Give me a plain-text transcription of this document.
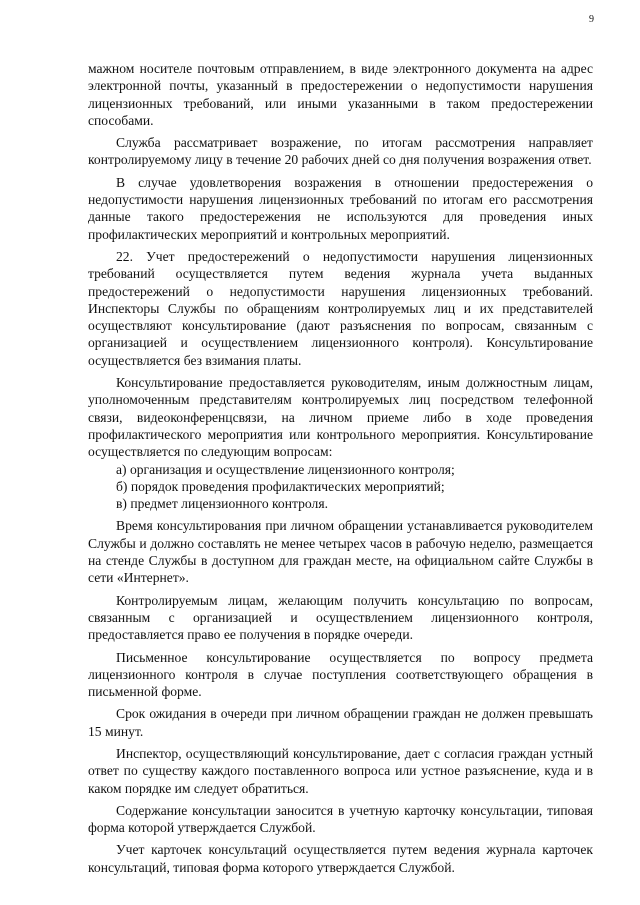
9

мажном носителе почтовым отправлением, в виде электронного документа на адрес электронной почты, указанный в предостережении о недопустимости нарушения лицензионных требований, или иными указанными в таком предостережении способами.

Служба рассматривает возражение, по итогам рассмотрения направляет контролируемому лицу в течение 20 рабочих дней со дня получения возражения ответ.

В случае удовлетворения возражения в отношении предостережения о недопустимости нарушения лицензионных требований по итогам его рассмотрения данные такого предостережения не используются для проведения иных профилактических мероприятий и контрольных мероприятий.

22. Учет предостережений о недопустимости нарушения лицензионных требований осуществляется путем ведения журнала учета выданных предостережений о недопустимости нарушения лицензионных требований. Инспекторы Службы по обращениям контролируемых лиц и их представителей осуществляют консультирование (дают разъяснения по вопросам, связанным с организацией и осуществлением лицензионного контроля). Консультирование осуществляется без взимания платы.

Консультирование предоставляется руководителям, иным должностным лицам, уполномоченным представителям контролируемых лиц посредством телефонной связи, видеоконференцсвязи, на личном приеме либо в ходе проведения профилактического мероприятия или контрольного мероприятия. Консультирование осуществляется по следующим вопросам:

а) организация и осуществление лицензионного контроля;

б) порядок проведения профилактических мероприятий;

в) предмет лицензионного контроля.

Время консультирования при личном обращении устанавливается руководителем Службы и должно составлять не менее четырех часов в рабочую неделю, размещается на стенде Службы в доступном для граждан месте, на официальном сайте Службы в сети «Интернет».

Контролируемым лицам, желающим получить консультацию по вопросам, связанным с организацией и осуществлением лицензионного контроля, предоставляется право ее получения в порядке очереди.

Письменное консультирование осуществляется по вопросу предмета лицензионного контроля в случае поступления соответствующего обращения в письменной форме.

Срок ожидания в очереди при личном обращении граждан не должен превышать 15 минут.

Инспектор, осуществляющий консультирование, дает с согласия граждан устный ответ по существу каждого поставленного вопроса или устное разъяснение, куда и в каком порядке им следует обратиться.

Содержание консультации заносится в учетную карточку консультации, типовая форма которой утверждается Службой.

Учет карточек консультаций осуществляется путем ведения журнала карточек консультаций, типовая форма которого утверждается Службой.
